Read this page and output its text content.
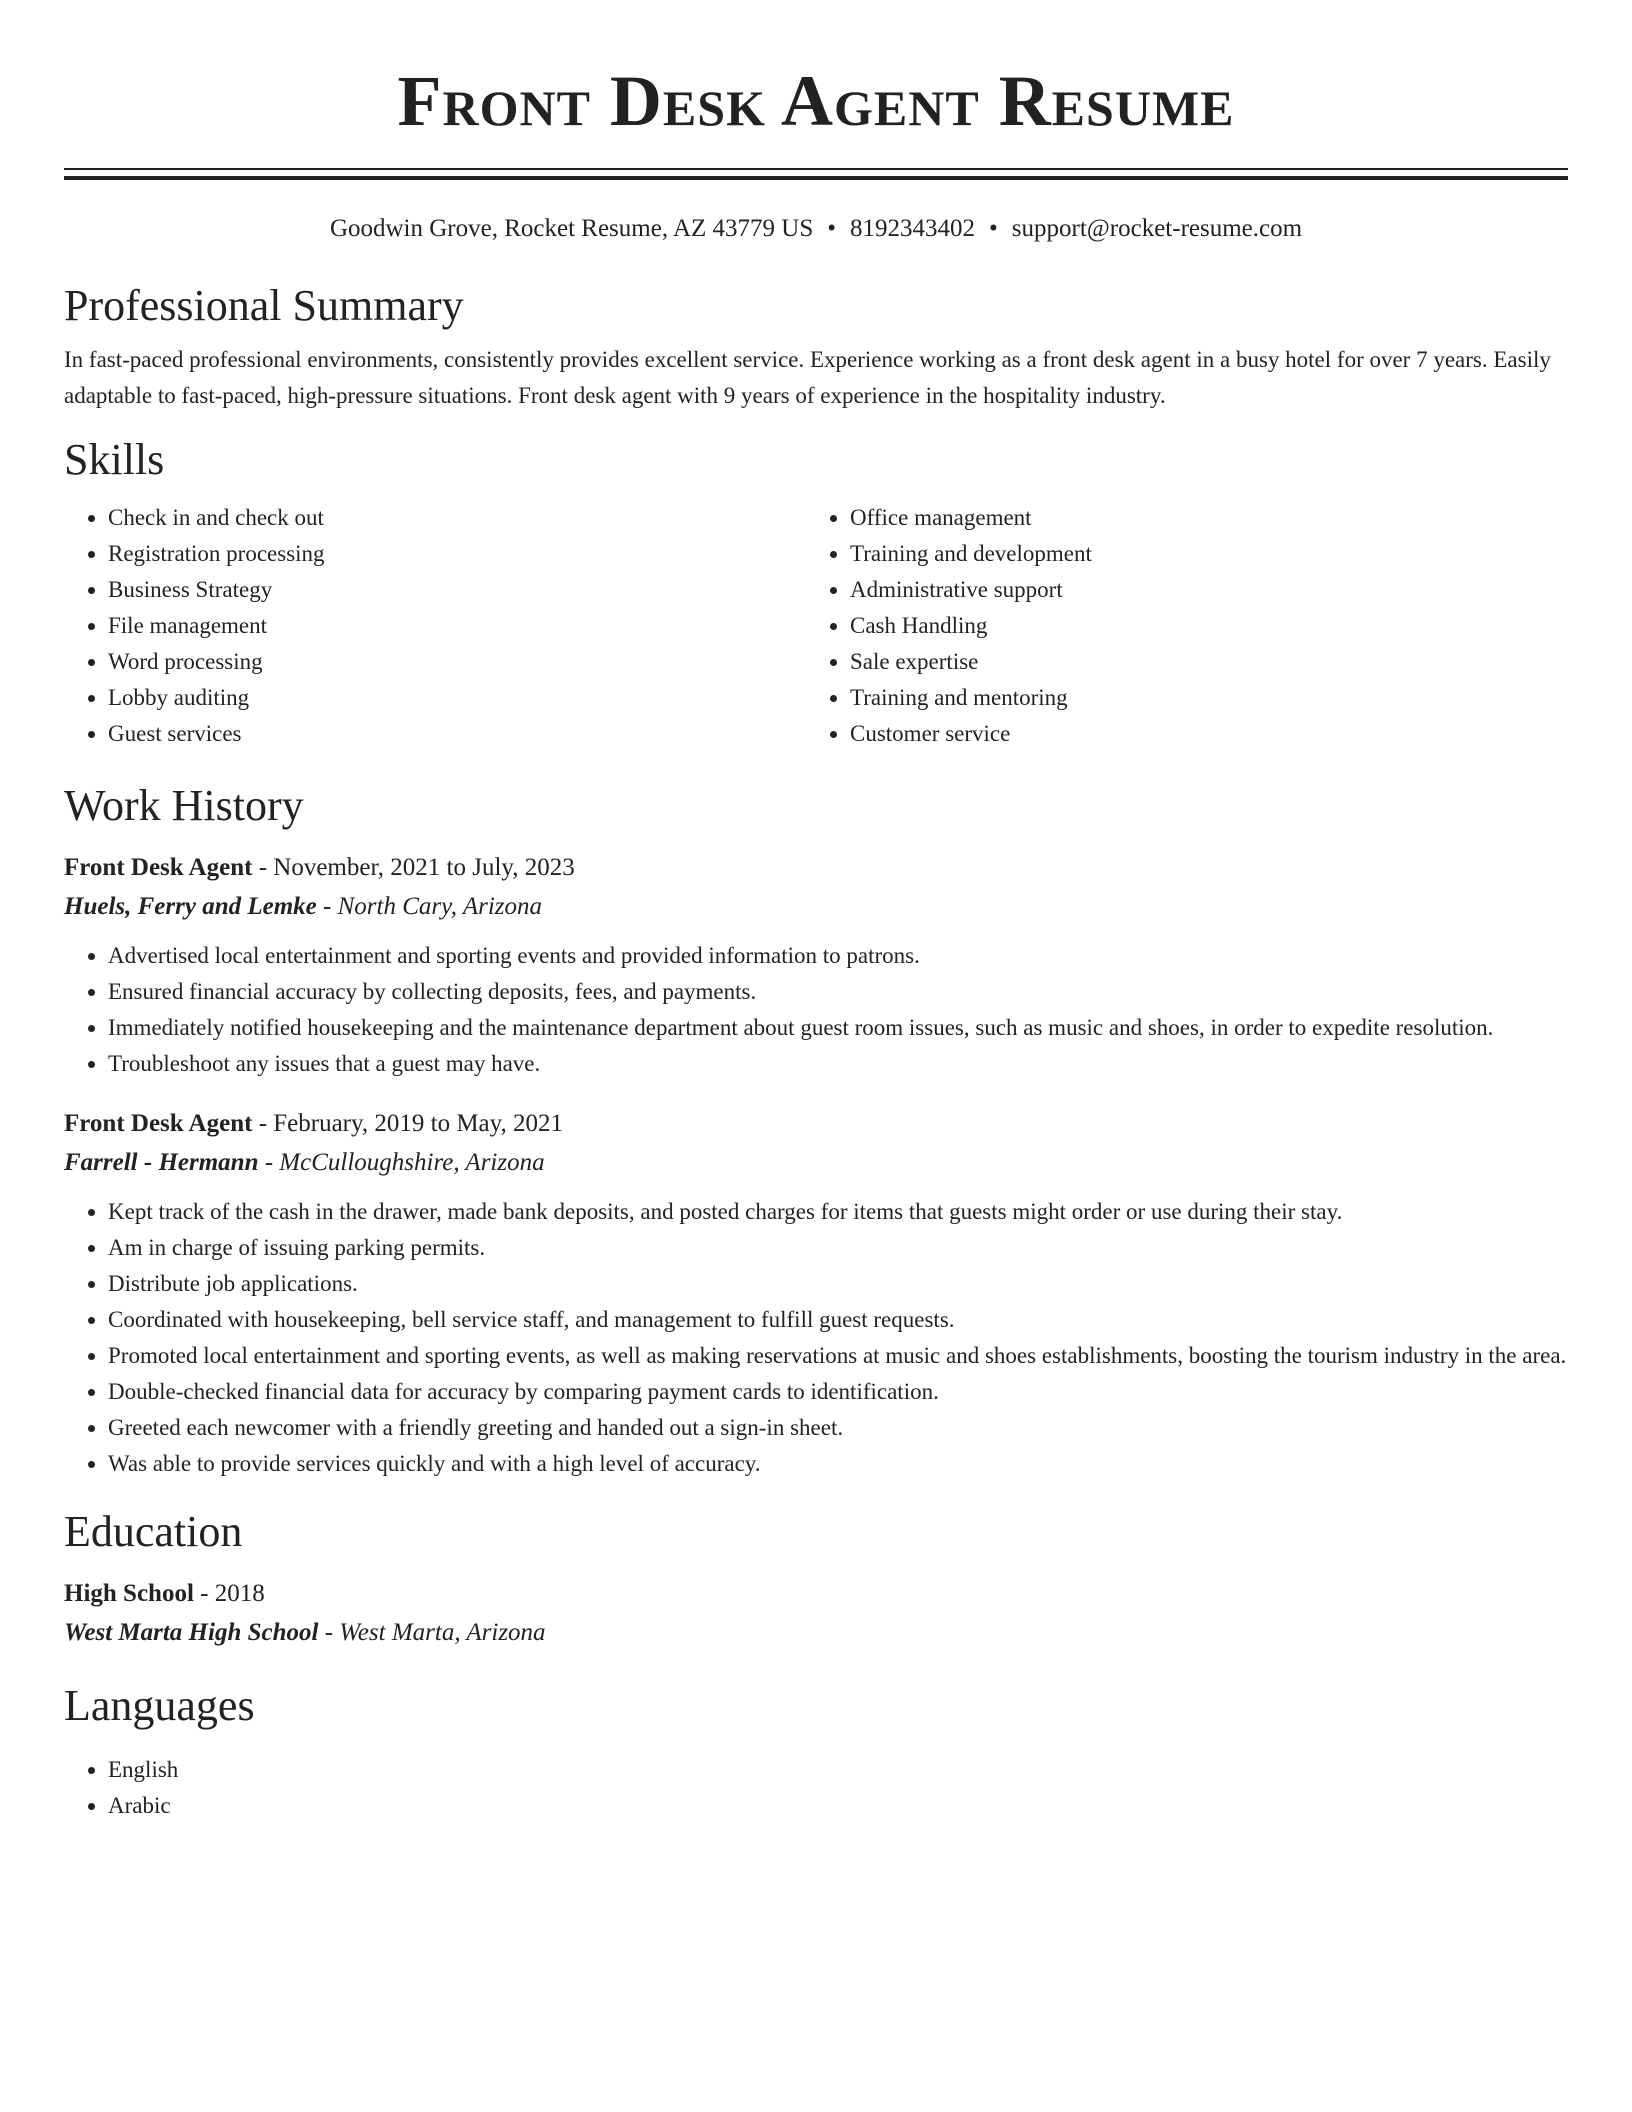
Front Desk Agent Resume
Goodwin Grove, Rocket Resume, AZ 43779 US • 8192343402 • support@rocket-resume.com
Professional Summary

In fast-paced professional environments, consistently provides excellent service. Experience working as a front desk agent in a busy hotel for over 7 years. Easily adaptable to fast-paced, high-pressure situations. Front desk agent with 9 years of experience in the hospitality industry.

Skills
• Check in and check out
• Registration processing
• Business Strategy
• File management
• Word processing
• Lobby auditing
• Guest services
• Office management
• Training and development
• Administrative support
• Cash Handling
• Sale expertise
• Training and mentoring
• Customer service
Work History
Front Desk Agent - November, 2021 to July, 2023
Huels, Ferry and Lemke - North Cary, Arizona
• Advertised local entertainment and sporting events and provided information to patrons.
• Ensured financial accuracy by collecting deposits, fees, and payments.
• Immediately notified housekeeping and the maintenance department about guest room issues, such as music and shoes, in order to expedite resolution.
• Troubleshoot any issues that a guest may have.
Front Desk Agent - February, 2019 to May, 2021
Farrell - Hermann - McCulloughshire, Arizona
• Kept track of the cash in the drawer, made bank deposits, and posted charges for items that guests might order or use during their stay.
• Am in charge of issuing parking permits.
• Distribute job applications.
• Coordinated with housekeeping, bell service staff, and management to fulfill guest requests.
• Promoted local entertainment and sporting events, as well as making reservations at music and shoes establishments, boosting the tourism industry in the area.
• Double-checked financial data for accuracy by comparing payment cards to identification.
• Greeted each newcomer with a friendly greeting and handed out a sign-in sheet.
• Was able to provide services quickly and with a high level of accuracy.
Education
High School - 2018
West Marta High School - West Marta, Arizona
Languages
• English
• Arabic
